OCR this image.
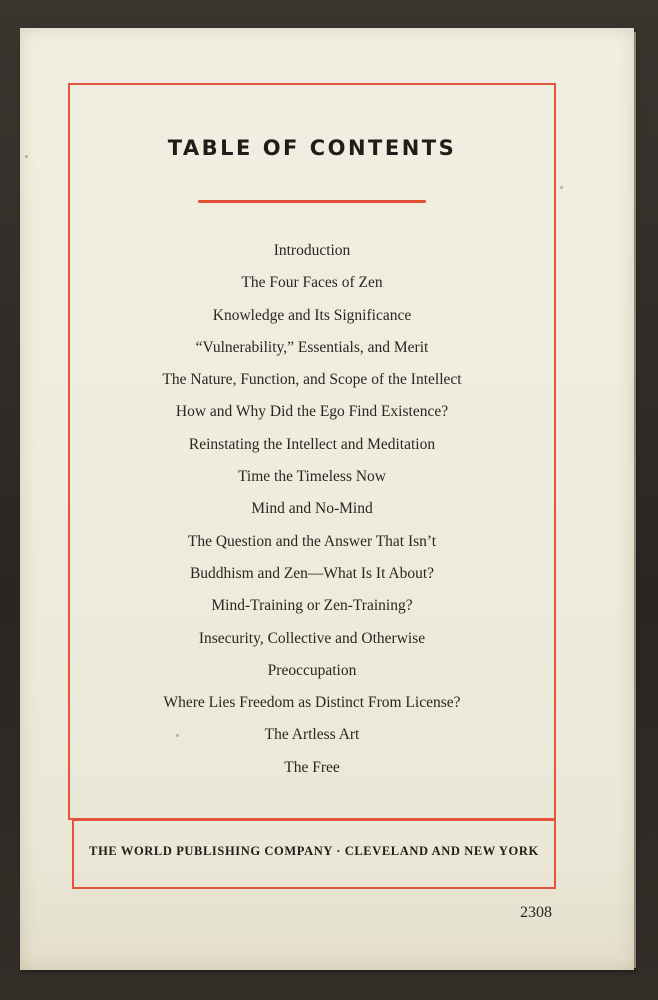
TABLE OF CONTENTS
Introduction
The Four Faces of Zen
Knowledge and Its Significance
“Vulnerability,” Essentials, and Merit
The Nature, Function, and Scope of the Intellect
How and Why Did the Ego Find Existence?
Reinstating the Intellect and Meditation
Time the Timeless Now
Mind and No-Mind
The Question and the Answer That Isn’t
Buddhism and Zen—What Is It About?
Mind-Training or Zen-Training?
Insecurity, Collective and Otherwise
Preoccupation
Where Lies Freedom as Distinct From License?
The Artless Art
The Free
THE WORLD PUBLISHING COMPANY · CLEVELAND AND NEW YORK
2308
